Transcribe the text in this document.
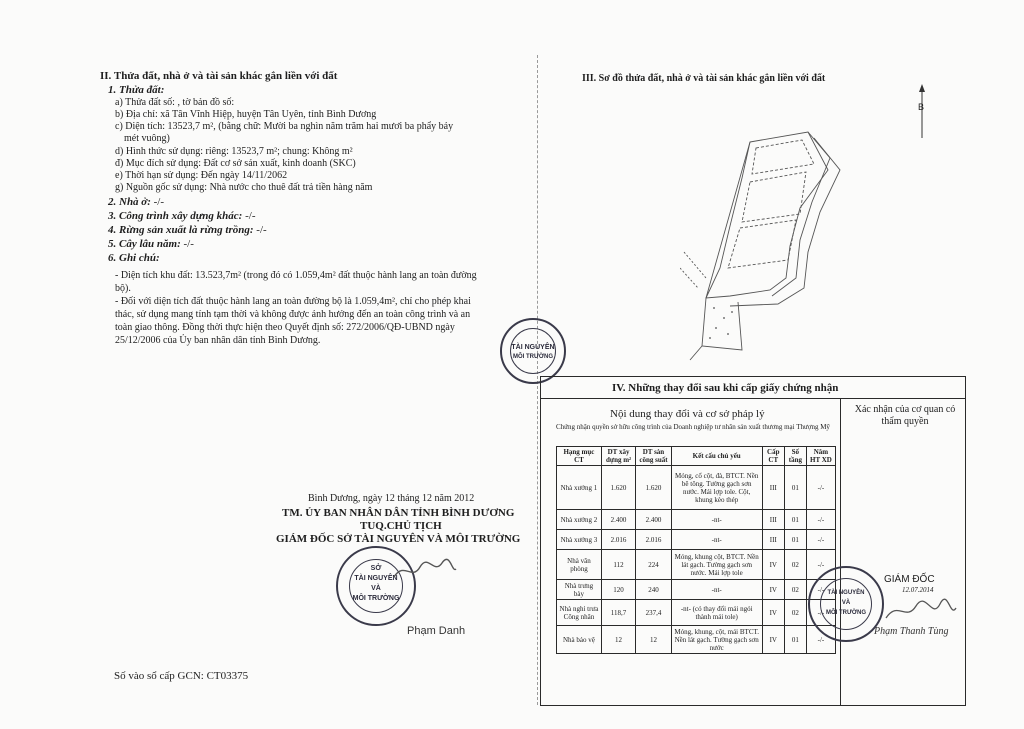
II. Thửa đất, nhà ở và tài sản khác gắn liền với đất
1. Thửa đất:
a) Thửa đất số: , tờ bản đồ số:
b) Địa chỉ: xã Tân Vĩnh Hiệp, huyện Tân Uyên, tỉnh Bình Dương
c) Diện tích: 13523,7 m², (bằng chữ: Mười ba nghìn năm trăm hai mươi ba phẩy bảy
mét vuông)
d) Hình thức sử dụng: riêng: 13523,7 m²; chung: Không m²
đ) Mục đích sử dụng: Đất cơ sở sản xuất, kinh doanh (SKC)
e) Thời hạn sử dụng: Đến ngày 14/11/2062
g) Nguồn gốc sử dụng: Nhà nước cho thuê đất trả tiền hàng năm
2. Nhà ở: -/-
3. Công trình xây dựng khác: -/-
4. Rừng sản xuất là rừng trồng: -/-
5. Cây lâu năm: -/-
6. Ghi chú:
- Diện tích khu đất: 13.523,7m² (trong đó có 1.059,4m² đất thuộc hành lang an toàn đường
bộ).
- Đối với diện tích đất thuộc hành lang an toàn đường bộ là 1.059,4m², chỉ cho phép khai
thác, sử dụng mang tính tạm thời và không được ảnh hưởng đến an toàn công trình và an
toàn giao thông. Đồng thời thực hiện theo Quyết định số: 272/2006/QĐ-UBND ngày
25/12/2006 của Ủy ban nhân dân tỉnh Bình Dương.
TÀI NGUYÊN
MÔI TRƯỜNG
Bình Dương, ngày 12 tháng 12 năm 2012
TM. ỦY BAN NHÂN DÂN TỈNH BÌNH DƯƠNG
TUQ.CHỦ TỊCH
GIÁM ĐỐC SỞ TÀI NGUYÊN VÀ MÔI TRƯỜNG
SỞ
TÀI NGUYÊN
VÀ
MÔI TRƯỜNG
Phạm Danh
Số vào sổ cấp GCN: CT03375
III. Sơ đồ thửa đất, nhà ở và tài sản khác gắn liền với đất
B
IV. Những thay đổi sau khi cấp giấy chứng nhận
Nội dung thay đổi và cơ sở pháp lý	Xác nhận của cơ quan có thẩm quyền
Chứng nhận quyền sở hữu công trình của Doanh nghiệp tư nhân sản xuất thương mại Thượng Mỹ
Hạng mục CT	DT xây dựng m²	DT sàn công suất	Kết cấu chủ yếu	Cấp CT	Số tầng	Năm HT XD
Nhà xưởng 1	1.620	1.620	Móng, cổ cột, đà, BTCT. Nền bê tông. Tường gạch sơn nước. Mái lợp tole. Cột, khung kèo thép	III	01	-/-
Nhà xưởng 2	2.400	2.400	-nt-	III	01	-/-
Nhà xưởng 3	2.016	2.016	-nt-	III	01	-/-
Nhà văn phòng	112	224	Móng, khung cột, BTCT. Nền lát gạch. Tường gạch sơn nước. Mái lợp tole	IV	02	-/-
Nhà trưng bày	120	240	-nt-	IV	02	-/-
Nhà nghỉ trưa Công nhân	118,7	237,4	-nt- (có thay đổi mái ngói thành mái tole)	IV	02	-/-
Nhà bảo vệ	12	12	Móng, khung, cột, mái BTCT. Nền lát gạch. Tường gạch sơn nước	IV	01	-/-
TÀI NGUYÊN
VÀ
MÔI TRƯỜNG
GIÁM ĐỐC
12.07.2014
Phạm Thanh Tùng
